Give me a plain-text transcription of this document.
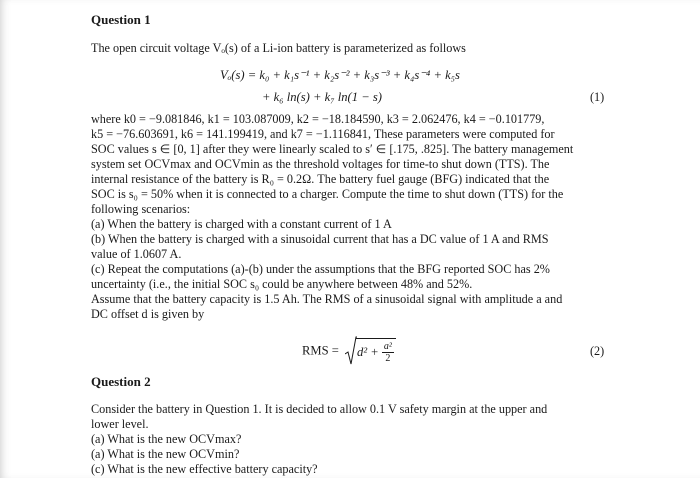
Question 1
The open circuit voltage Vₒ(s) of a Li-ion battery is parameterized as follows
Vₒ(s) = k₀ + k₁s⁻¹ + k₂s⁻² + k₃s⁻³ + k₄s⁻⁴ + k₅s
+ k₆ ln(s) + k₇ ln(1 − s)	(1)
where k0 = −9.081846, k1 = 103.087009, k2 = −18.184590, k3 = 2.062476, k4 = −0.101779,
k5 = −76.603691, k6 = 141.199419, and k7 = −1.116841, These parameters were computed for
SOC values s ∈ [0, 1] after they were linearly scaled to s′ ∈ [.175, .825]. The battery management
system set OCVmax and OCVmin as the threshold voltages for time-to shut down (TTS). The
internal resistance of the battery is R₀ = 0.2Ω. The battery fuel gauge (BFG) indicated that the
SOC is s₀ = 50% when it is connected to a charger. Compute the time to shut down (TTS) for the
following scenarios:
(a) When the battery is charged with a constant current of 1 A
(b) When the battery is charged with a sinusoidal current that has a DC value of 1 A and RMS
value of 1.0607 A.
(c) Repeat the computations (a)-(b) under the assumptions that the BFG reported SOC has 2%
uncertainty (i.e., the initial SOC s₀ could be anywhere between 48% and 52%.
Assume that the battery capacity is 1.5 Ah. The RMS of a sinusoidal signal with amplitude a and
DC offset d is given by
RMS = $d^2 + \frac{\text{a²}}{2}$	(2)
Question 2
Consider the battery in Question 1. It is decided to allow 0.1 V safety margin at the upper and
lower level.
(a) What is the new OCVmax?
(a) What is the new OCVmin?
(c) What is the new effective battery capacity?
